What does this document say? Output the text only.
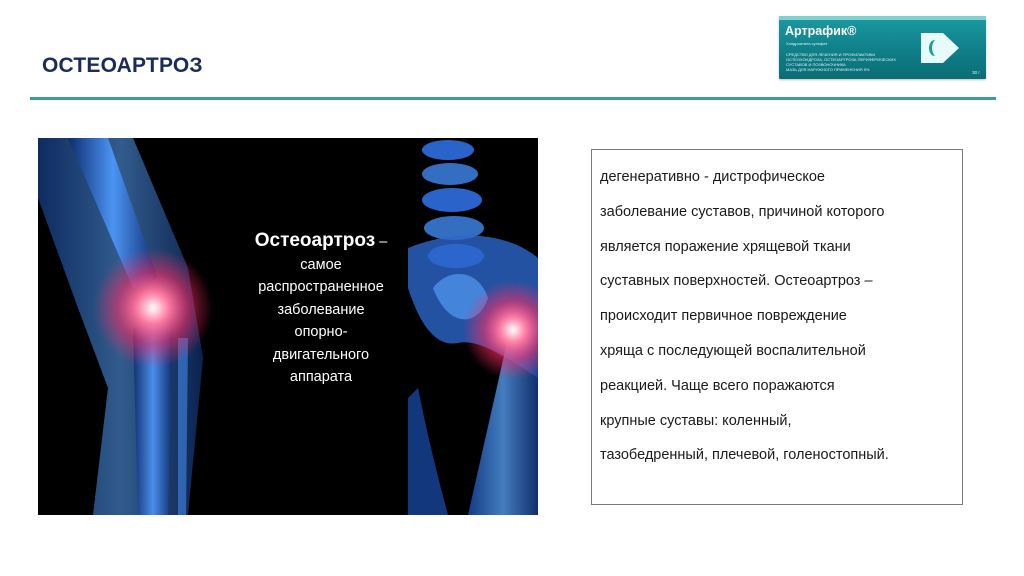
ОСТЕОАРТРОЗ
Артрафик®
Хондроитина сульфат
СРЕДСТВО ДЛЯ ЛЕЧЕНИЯ И ПРОФИЛАКТИКИ ОСТЕОХОНДРОЗА, ОСТЕОАРТРОЗА ПЕРИФЕРИЧЕСКИХ СУСТАВОВ И ПОЗВОНОЧНИКА
МАЗЬ ДЛЯ НАРУЖНОГО ПРИМЕНЕНИЯ 5%
30 г
Остеоартроз –
самое
распространенное
заболевание
опорно-
двигательного
аппарата
дегенеративно - дистрофическое
заболевание суставов, причиной которого
является поражение хрящевой ткани
суставных поверхностей. Остеоартроз –
происходит первичное повреждение
хряща с последующей воспалительной
реакцией. Чаще всего поражаются
крупные суставы: коленный,
тазобедренный, плечевой, голеностопный.
